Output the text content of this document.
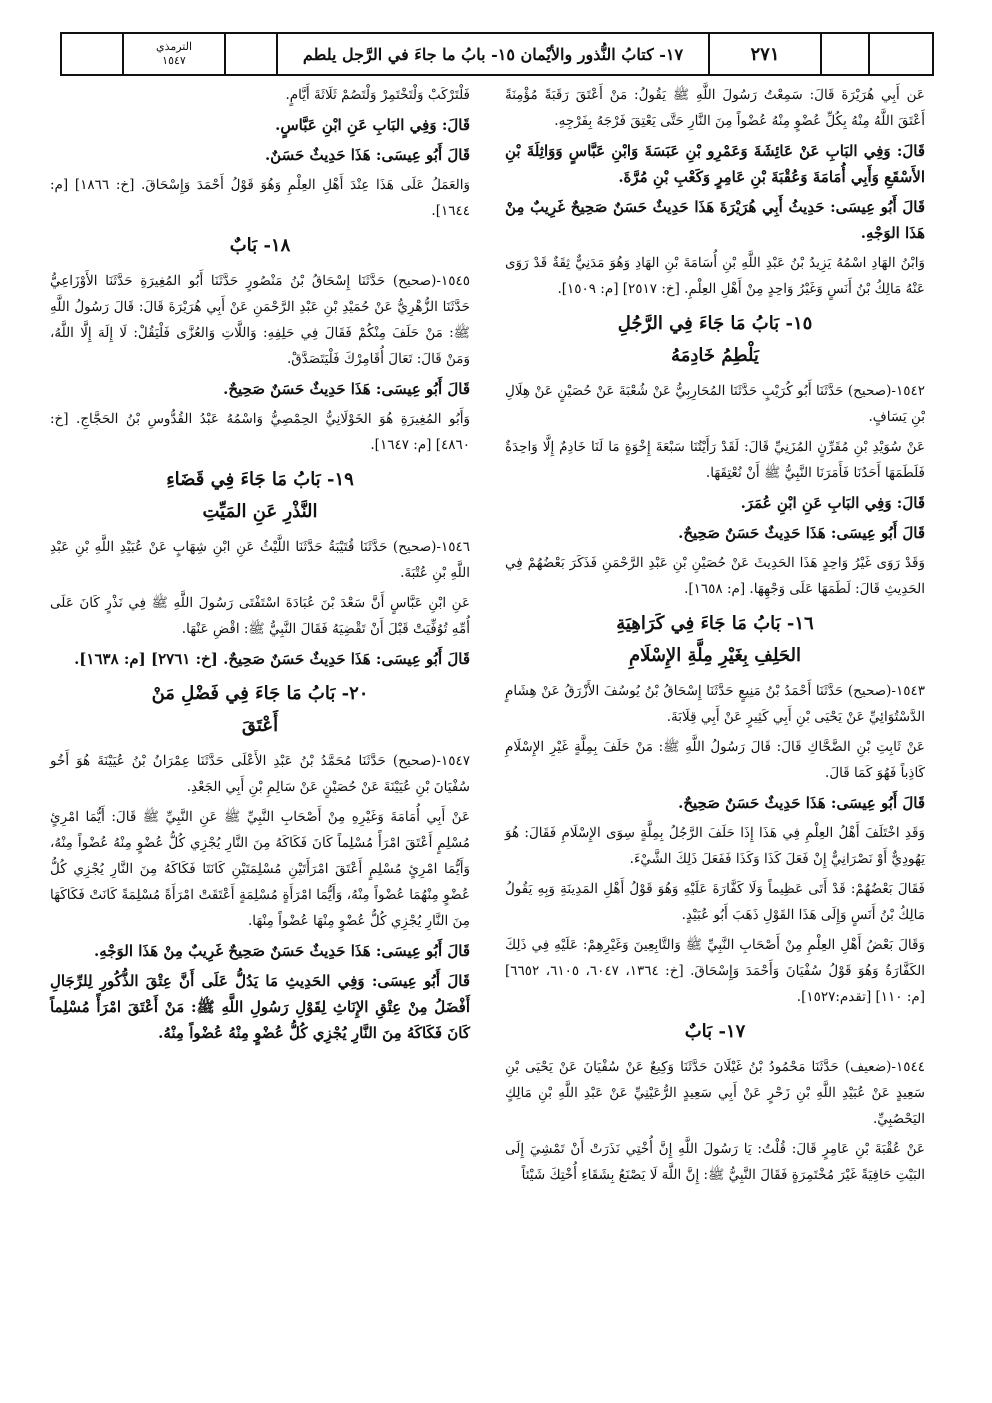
الترمذي
١٥٤٧	١٧- كتابُ النُّذور والأيْمان ١٥- بابُ ما جاءَ في الرَّجل يلطم	٢٧١

عَن أَبِي هُرَيْرَةَ قَالَ: سَمِعْتُ رَسُولَ اللَّهِ ﷺ يَقُولُ: مَنْ أَعْتَقَ رَقَبَةً مُؤْمِنَةً أَعْتَقَ اللَّهُ مِنْهُ بِكُلِّ عُضْوٍ مِنْهُ عُضْواً مِنَ النَّارِ حَتَّى يَعْتِقَ فَرْجَهُ بِفَرْجِهِ.

قَالَ: وَفِي البَابِ عَنْ عَائِشَةَ وَعَمْرِو بْنِ عَبَسَةَ وَابْنِ عَبَّاسٍ وَوَاثِلَةَ بْنِ الأَسْقَعِ وَأَبِي أُمَامَةَ وَعُقْبَةَ بْنِ عَامِرٍ وَكَعْبِ بْنِ مُرَّةَ.

قَالَ أَبُو عِيسَى: حَدِيثُ أَبِي هُرَيْرَةَ هَذَا حَدِيثٌ حَسَنٌ صَحِيحٌ غَرِيبٌ مِنْ هَذَا الوَجْهِ.

وَابْنُ الهَادِ اسْمُهُ يَزِيدُ بْنُ عَبْدِ اللَّهِ بْنِ أُسَامَةَ بْنِ الهَادِ وَهُوَ مَدَنِيٌّ ثِقَةٌ قَدْ رَوَى عَنْهُ مَالِكُ بْنُ أَنَسٍ وَغَيْرُ وَاحِدٍ مِنْ أَهْلِ العِلْمِ. [خ: ٢٥١٧] [م: ١٥٠٩].

١٥- بَابُ مَا جَاءَ فِي الرَّجُلِ
يَلْطِمُ خَادِمَهُ

١٥٤٢-(صحيح) حَدَّثَنَا أَبُو كُرَيْبٍ حَدَّثَنَا المُحَارِبِيُّ عَنْ شُعْبَةَ عَنْ حُصَيْنٍ عَنْ هِلَالِ بْنِ يَسَافٍ.

عَنْ سُوَيْدِ بْنِ مُقَرِّنٍ المُزَنِيِّ قَالَ: لَقَدْ رَأَيْتُنَا سَبْعَةَ إِخْوَةٍ مَا لَنَا خَادِمٌ إِلَّا وَاحِدَةٌ فَلَطَمَهَا أَحَدُنَا فَأَمَرَنَا النَّبِيُّ ﷺ أَنْ نُعْتِقَهَا.

قَالَ: وَفِي البَابِ عَنِ ابْنِ عُمَرَ.

قَالَ أَبُو عِيسَى: هَذَا حَدِيثٌ حَسَنٌ صَحِيحٌ.

وَقَدْ رَوَى غَيْرُ وَاحِدٍ هَذَا الحَدِيثَ عَنْ حُصَيْنِ بْنِ عَبْدِ الرَّحْمَنِ فَذَكَرَ بَعْضُهُمْ فِي الحَدِيثِ قَالَ: لَطَمَهَا عَلَى وَجْهِهَا. [م: ١٦٥٨].

١٦- بَابُ مَا جَاءَ فِي كَرَاهِيَةِ
الحَلِفِ بِغَيْرِ مِلَّةِ الإِسْلَامِ

١٥٤٣-(صحيح) حَدَّثَنَا أَحْمَدُ بْنُ مَنِيعٍ حَدَّثَنَا إِسْحَاقُ بْنُ يُوسُفَ الأَزْرَقُ عَنْ هِشَامٍ الدَّسْتُوَائِيِّ عَنْ يَحْيَى بْنِ أَبِي كَثِيرٍ عَنْ أَبِي قِلَابَةَ.

عَنْ ثَابِتِ بْنِ الضَّحَّاكِ قَالَ: قَالَ رَسُولُ اللَّهِ ﷺ: مَنْ حَلَفَ بِمِلَّةٍ غَيْرِ الإِسْلَامِ كَاذِباً فَهُوَ كَمَا قَالَ.

قَالَ أَبُو عِيسَى: هَذَا حَدِيثٌ حَسَنٌ صَحِيحٌ.

وَقَدِ اخْتَلَفَ أَهْلُ العِلْمِ فِي هَذَا إِذَا حَلَفَ الرَّجُلُ بِمِلَّةٍ سِوَى الإِسْلَامِ فَقَالَ: هُوَ يَهُودِيٌّ أَوْ نَصْرَانِيٌّ إِنْ فَعَلَ كَذَا وَكَذَا فَفَعَلَ ذَلِكَ الشَّيْءَ.

فَقَالَ بَعْضُهُمْ: قَدْ أَتَى عَظِيماً وَلَا كَفَّارَةَ عَلَيْهِ وَهُوَ قَوْلُ أَهْلِ المَدِينَةِ وَبِهِ يَقُولُ مَالِكُ بْنُ أَنَسٍ وَإِلَى هَذَا القَوْلِ ذَهَبَ أَبُو عُبَيْدٍ.

وَقَالَ بَعْضُ أَهْلِ العِلْمِ مِنْ أَصْحَابِ النَّبِيِّ ﷺ وَالتَّابِعِينَ وَغَيْرِهِمْ: عَلَيْهِ فِي ذَلِكَ الكَفَّارَةُ وَهُوَ قَوْلُ سُفْيَانَ وَأَحْمَدَ وَإِسْحَاقَ. [خ: ١٣٦٤، ٦٠٤٧، ٦١٠٥، ٦٦٥٢] [م: ١١٠] [تقدم:١٥٢٧].

١٧- بَابٌ

١٥٤٤-(ضعيف) حَدَّثَنَا مَحْمُودُ بْنُ غَيْلَانَ حَدَّثَنَا وَكِيعٌ عَنْ سُفْيَانَ عَنْ يَحْيَى بْنِ سَعِيدٍ عَنْ عُبَيْدِ اللَّهِ بْنِ زَحْرٍ عَنْ أَبِي سَعِيدٍ الرُّعَيْنِيِّ عَنْ عَبْدِ اللَّهِ بْنِ مَالِكٍ اليَحْصُبِيِّ.

عَنْ عُقْبَةَ بْنِ عَامِرٍ قَالَ: قُلْتُ: يَا رَسُولَ اللَّهِ إِنَّ أُخْتِي نَذَرَتْ أَنْ تَمْشِيَ إِلَى البَيْتِ حَافِيَةً غَيْرَ مُخْتَمِرَةٍ فَقَالَ النَّبِيُّ ﷺ: إِنَّ اللَّهَ لَا يَصْنَعُ بِشَقَاءِ أُخْتِكَ شَيْئاً

فَلْتَرْكَبْ وَلْتَخْتَمِرْ وَلْتَصُمْ ثَلَاثَةَ أَيَّامٍ.

قَالَ: وَفِي البَابِ عَنِ ابْنِ عَبَّاسٍ.

قَالَ أَبُو عِيسَى: هَذَا حَدِيثٌ حَسَنٌ.

وَالعَمَلُ عَلَى هَذَا عِنْدَ أَهْلِ العِلْمِ وَهُوَ قَوْلُ أَحْمَدَ وَإِسْحَاقَ. [خ: ١٨٦٦] [م: ١٦٤٤].

١٨- بَابٌ

١٥٤٥-(صحيح) حَدَّثَنَا إِسْحَاقُ بْنُ مَنْصُورٍ حَدَّثَنَا أَبُو المُغِيرَةِ حَدَّثَنَا الأَوْزَاعِيُّ حَدَّثَنَا الزُّهْرِيُّ عَنْ حُمَيْدِ بْنِ عَبْدِ الرَّحْمَنِ عَنْ أَبِي هُرَيْرَةَ قَالَ: قَالَ رَسُولُ اللَّهِ ﷺ: مَنْ حَلَفَ مِنْكُمْ فَقَالَ فِي حَلِفِهِ: وَاللَّاتِ وَالعُزَّى فَلْيَقُلْ: لَا إِلَهَ إِلَّا اللَّهُ، وَمَنْ قَالَ: تَعَالَ أُقَامِرْكَ فَلْيَتَصَدَّقْ.

قَالَ أَبُو عِيسَى: هَذَا حَدِيثٌ حَسَنٌ صَحِيحٌ.

وَأَبُو المُغِيرَةِ هُوَ الخَوْلَانِيُّ الحِمْصِيُّ وَاسْمُهُ عَبْدُ القُدُّوسِ بْنُ الحَجَّاجِ. [خ: ٤٨٦٠] [م: ١٦٤٧].

١٩- بَابُ مَا جَاءَ فِي قَضَاءِ
النَّذْرِ عَنِ المَيِّتِ

١٥٤٦-(صحيح) حَدَّثَنَا قُتَيْبَةُ حَدَّثَنَا اللَّيْثُ عَنِ ابْنِ شِهَابٍ عَنْ عُبَيْدِ اللَّهِ بْنِ عَبْدِ اللَّهِ بْنِ عُتْبَةَ.

عَنِ ابْنِ عَبَّاسٍ أَنَّ سَعْدَ بْنَ عُبَادَةَ اسْتَفْتَى رَسُولَ اللَّهِ ﷺ فِي نَذْرٍ كَانَ عَلَى أُمِّهِ تُوُفِّيَتْ قَبْلَ أَنْ تَقْضِيَهُ فَقَالَ النَّبِيُّ ﷺ: اقْضِ عَنْهَا.

قَالَ أَبُو عِيسَى: هَذَا حَدِيثٌ حَسَنٌ صَحِيحٌ. [خ: ٢٧٦١] [م: ١٦٣٨].

٢٠- بَابُ مَا جَاءَ فِي فَضْلِ مَنْ
أَعْتَقَ

١٥٤٧-(صحيح) حَدَّثَنَا مُحَمَّدُ بْنُ عَبْدِ الأَعْلَى حَدَّثَنَا عِمْرَانُ بْنُ عُيَيْنَةَ هُوَ أَخُو سُفْيَانَ بْنِ عُيَيْنَةَ عَنْ حُصَيْنٍ عَنْ سَالِمِ بْنِ أَبِي الجَعْدِ.

عَنْ أَبِي أُمَامَةَ وَغَيْرِهِ مِنْ أَصْحَابِ النَّبِيِّ ﷺ عَنِ النَّبِيِّ ﷺ قَالَ: أَيُّمَا امْرِئٍ مُسْلِمٍ أَعْتَقَ امْرَأً مُسْلِماً كَانَ فَكَاكَهُ مِنَ النَّارِ يُجْزِي كُلُّ عُضْوٍ مِنْهُ عُضْواً مِنْهُ، وَأَيُّمَا امْرِئٍ مُسْلِمٍ أَعْتَقَ امْرَأَتَيْنِ مُسْلِمَتَيْنِ كَانَتَا فَكَاكَهُ مِنَ النَّارِ يُجْزِي كُلُّ عُضْوٍ مِنْهُمَا عُضْواً مِنْهُ، وَأَيُّمَا امْرَأَةٍ مُسْلِمَةٍ أَعْتَقَتْ امْرَأَةً مُسْلِمَةً كَانَتْ فَكَاكَهَا مِنَ النَّارِ يُجْزِي كُلُّ عُضْوٍ مِنْهَا عُضْواً مِنْهَا.

قَالَ أَبُو عِيسَى: هَذَا حَدِيثٌ حَسَنٌ صَحِيحٌ غَرِيبٌ مِنْ هَذَا الوَجْهِ.

قَالَ أَبُو عِيسَى: وَفِي الحَدِيثِ مَا يَدُلُّ عَلَى أَنَّ عِتْقَ الذُّكُورِ لِلرِّجَالِ أَفْضَلُ مِنْ عِتْقِ الإِنَاثِ لِقَوْلِ رَسُولِ اللَّهِ ﷺ: مَنْ أَعْتَقَ امْرَأً مُسْلِماً كَانَ فَكَاكَهُ مِنَ النَّارِ يُجْزِي كُلُّ عُضْوٍ مِنْهُ عُضْواً مِنْهُ.
